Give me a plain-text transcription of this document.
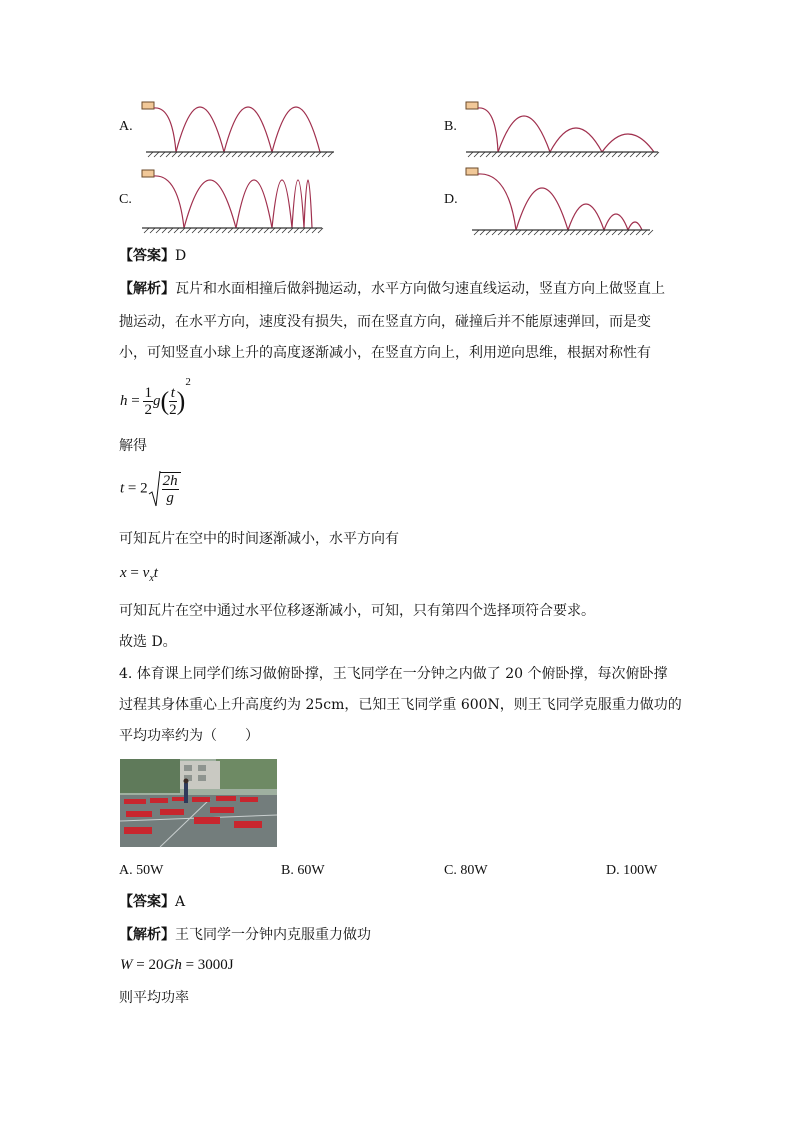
A.	B.
C.	D.
【答案】D
【解析】瓦片和水面相撞后做斜抛运动，水平方向做匀速直线运动，竖直方向上做竖直上
抛运动，在水平方向，速度没有损失，而在竖直方向，碰撞后并不能原速弹回，而是变
小，可知竖直小球上升的高度逐渐减小，在竖直方向上，利用逆向思维，根据对称性有
$h = \frac{1}{2} g( \frac{t}{2} )^2$
解得
$t = 2 \frac{2h}{g}$
可知瓦片在空中的时间逐渐减小，水平方向有
$x = v_xt$
可知瓦片在空中通过水平位移逐渐减小，可知，只有第四个选择项符合要求。
故选 D。
4. 体育课上同学们练习做俯卧撑，王飞同学在一分钟之内做了 20 个俯卧撑，每次俯卧撑
过程其身体重心上升高度约为 25cm，已知王飞同学重 600N，则王飞同学克服重力做功的
平均功率约为（　　）
A. 50W	B. 60W	C. 80W	D. 100W
【答案】A
【解析】王飞同学一分钟内克服重力做功
W = 20Gh = 3000J
则平均功率
